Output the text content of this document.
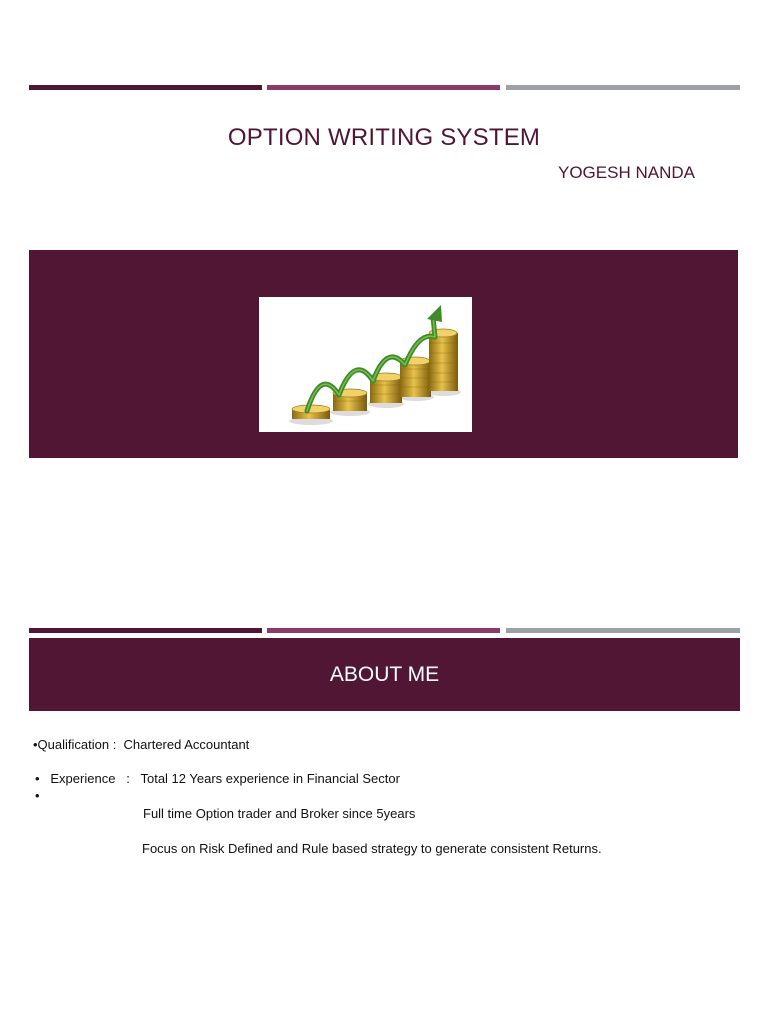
OPTION WRITING SYSTEM
YOGESH NANDA
ABOUT ME
•Qualification :  Chartered Accountant
•   Experience   :   Total 12 Years experience in Financial Sector
•
Full time Option trader and Broker since 5years
Focus on Risk Defined and Rule based strategy to generate consistent Returns.
